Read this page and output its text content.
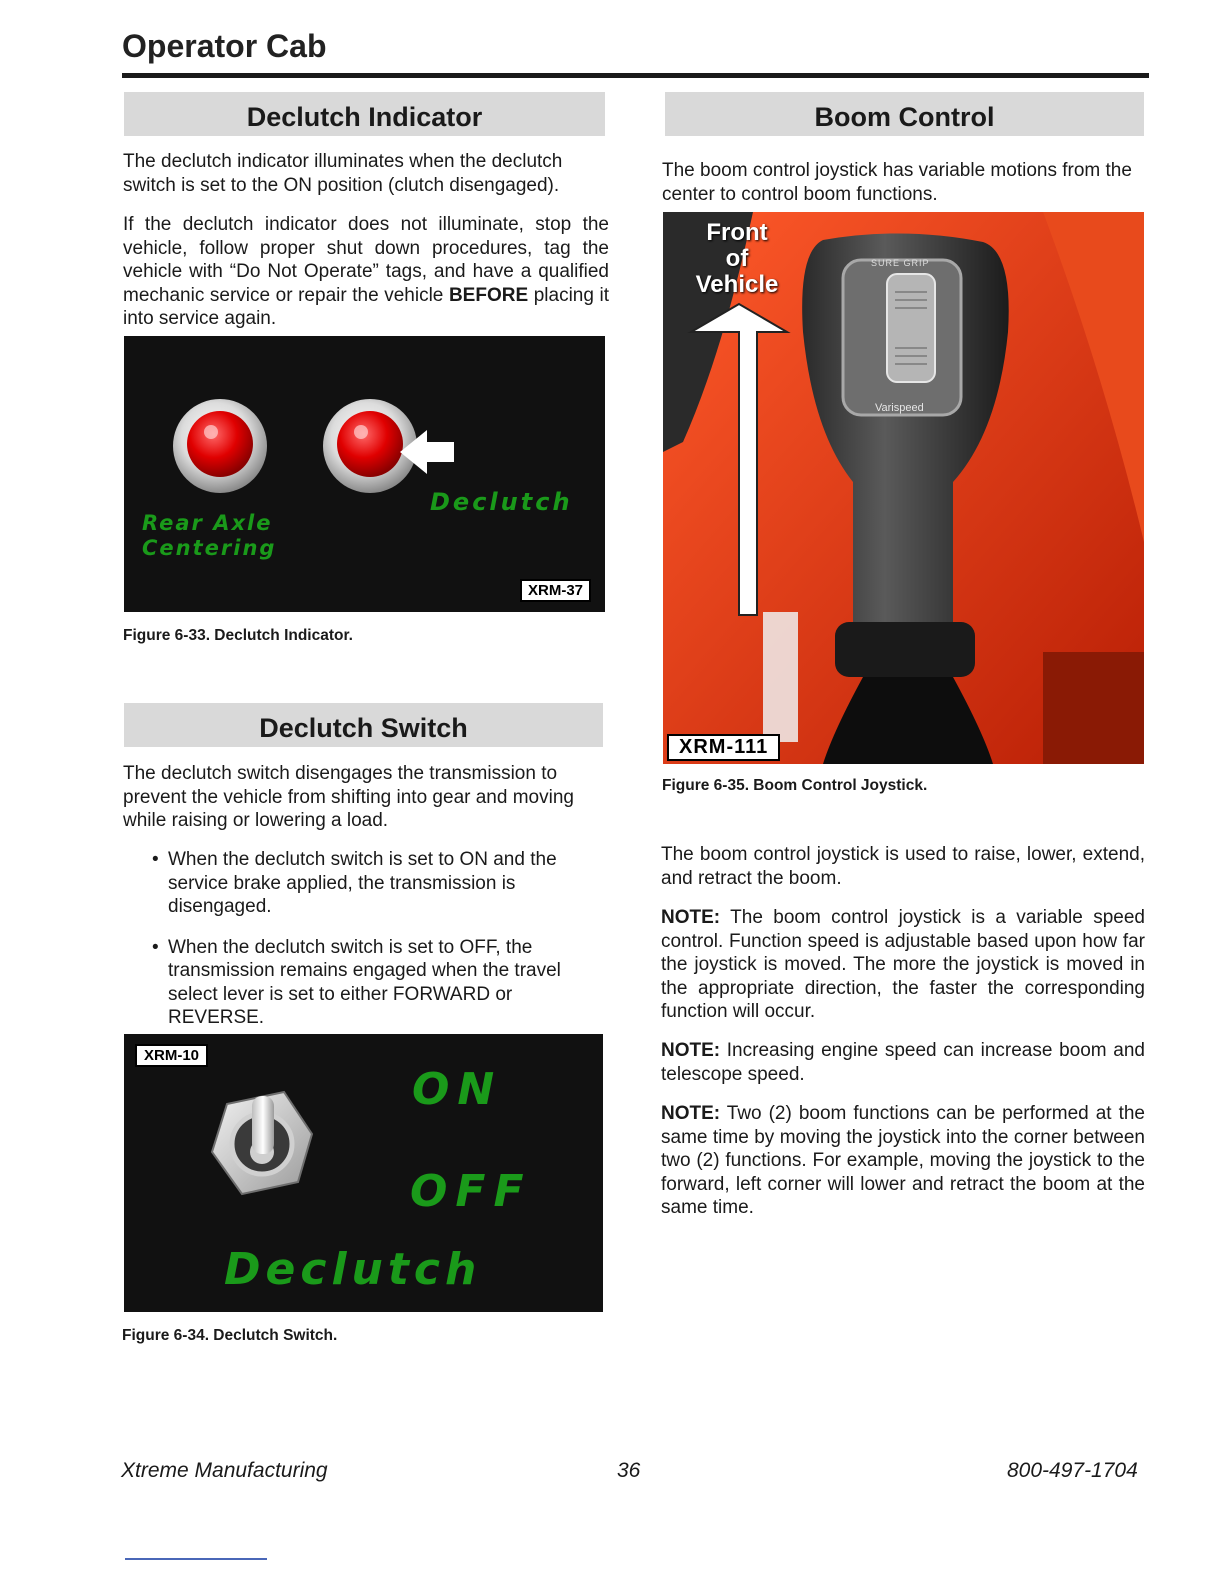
Operator Cab
Declutch Indicator
The declutch indicator illuminates when the declutch switch is set to the ON position (clutch disengaged).
If the declutch indicator does not illuminate, stop the vehicle, follow proper shut down procedures, tag the vehicle with “Do Not Operate” tags, and have a qualified mechanic service or repair the vehicle BEFORE placing it into service again.
Rear Axle
Centering
Declutch
XRM-37
Figure 6-33. Declutch Indicator.
Declutch Switch
The declutch switch disengages the transmission to prevent the vehicle from shifting into gear and moving while raising or lowering a load.
• When the declutch switch is set to ON and the service brake applied, the transmission is disengaged.
• When the declutch switch is set to OFF, the transmission remains engaged when the travel select lever is set to either FORWARD or REVERSE.
XRM-10
ON
OFF
Declutch
Figure 6-34. Declutch Switch.
Boom Control
The boom control joystick has variable motions from the center to control boom functions.
SURE GRIP
Varispeed
Front
of
Vehicle
XRM-111
Figure 6-35. Boom Control Joystick.
The boom control joystick is used to raise, lower, extend, and retract the boom.
NOTE: The boom control joystick is a variable speed control. Function speed is adjustable based upon how far the joystick is moved. The more the joystick is moved in the appropriate direction, the faster the corresponding function will occur.
NOTE: Increasing engine speed can increase boom and telescope speed.
NOTE: Two (2) boom functions can be performed at the same time by moving the joystick into the corner between two (2) functions. For example, moving the joystick to the forward, left corner will lower and retract the boom at the same time.
Xtreme Manufacturing	36	800-497-1704
